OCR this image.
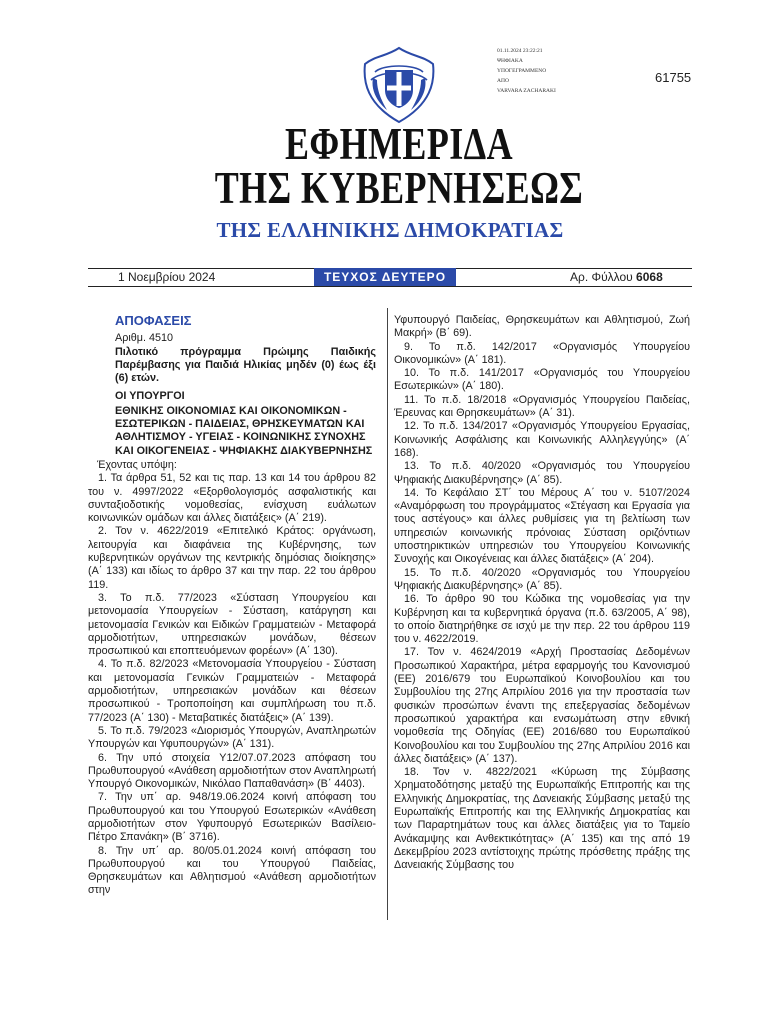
01.11.2024 23:22:21
ΨΗΦΙΑΚΑ
ΥΠΟΓΕΓΡΑΜΜΕΝΟ
ΑΠΟ
VARVARA ZACHARAKI
61755
ΕΦΗΜΕΡΙΔΑ
ΤΗΣ ΚΥΒΕΡΝΗΣΕΩΣ
ΤΗΣ ΕΛΛΗΝΙΚΗΣ ΔΗΜΟΚΡΑΤΙΑΣ
1 Νοεμβρίου 2024	ΤΕΥΧΟΣ ΔΕΥΤΕΡΟ	Αρ. Φύλλου 6068
ΑΠΟΦΑΣΕΙΣ
Αριθμ. 4510
Πιλοτικό πρόγραμμα Πρώιμης Παιδικής Παρέμβασης για Παιδιά Ηλικίας μηδέν (0) έως έξι (6) ετών.
ΟΙ ΥΠΟΥΡΓΟΙ
ΕΘΝΙΚΗΣ ΟΙΚΟΝΟΜΙΑΣ ΚΑΙ ΟΙΚΟΝΟΜΙΚΩΝ - ΕΣΩΤΕΡΙΚΩΝ - ΠΑΙΔΕΙΑΣ, ΘΡΗΣΚΕΥΜΑΤΩΝ ΚΑΙ ΑΘΛΗΤΙΣΜΟΥ - ΥΓΕΙΑΣ - ΚΟΙΝΩΝΙΚΗΣ ΣΥΝΟΧΗΣ ΚΑΙ ΟΙΚΟΓΕΝΕΙΑΣ - ΨΗΦΙΑΚΗΣ ΔΙΑΚΥΒΕΡΝΗΣΗΣ
Έχοντας υπόψη:

1. Τα άρθρα 51, 52 και τις παρ. 13 και 14 του άρθρου 82 του ν. 4997/2022 «Εξορθολογισμός ασφαλιστικής και συνταξιοδοτικής νομοθεσίας, ενίσχυση ευάλωτων κοινωνικών ομάδων και άλλες διατάξεις» (Α΄ 219).

2. Τον ν. 4622/2019 «Επιτελικό Κράτος: οργάνωση, λειτουργία και διαφάνεια της Κυβέρνησης, των κυβερνητικών οργάνων της κεντρικής δημόσιας διοίκησης» (Α΄ 133) και ιδίως το άρθρο 37 και την παρ. 22 του άρθρου 119.

3. Το π.δ. 77/2023 «Σύσταση Υπουργείου και μετονομασία Υπουργείων - Σύσταση, κατάργηση και μετονομασία Γενικών και Ειδικών Γραμματειών - Μεταφορά αρμοδιοτήτων, υπηρεσιακών μονάδων, θέσεων προσωπικού και εποπτευόμενων φορέων» (Α΄ 130).

4. Το π.δ. 82/2023 «Μετονομασία Υπουργείου - Σύσταση και μετονομασία Γενικών Γραμματειών - Μεταφορά αρμοδιοτήτων, υπηρεσιακών μονάδων και θέσεων προσωπικού - Τροποποίηση και συμπλήρωση του π.δ. 77/2023 (Α΄ 130) - Μεταβατικές διατάξεις» (Α΄ 139).

5. Το π.δ. 79/2023 «Διορισμός Υπουργών, Αναπληρωτών Υπουργών και Υφυπουργών» (Α΄ 131).

6. Την υπό στοιχεία Υ12/07.07.2023 απόφαση του Πρωθυπουργού «Ανάθεση αρμοδιοτήτων στον Αναπληρωτή Υπουργό Οικονομικών, Νικόλαο Παπαθανάση» (Β΄ 4403).

7. Την υπ΄ αρ. 948/19.06.2024 κοινή απόφαση του Πρωθυπουργού και του Υπουργού Εσωτερικών «Ανάθεση αρμοδιοτήτων στον Υφυπουργό Εσωτερικών Βασίλειο-Πέτρο Σπανάκη» (Β΄ 3716).

8. Την υπ΄ αρ. 80/05.01.2024 κοινή απόφαση του Πρωθυπουργού και του Υπουργού Παιδείας, Θρησκευμάτων και Αθλητισμού «Ανάθεση αρμοδιοτήτων στην

Υφυπουργό Παιδείας, Θρησκευμάτων και Αθλητισμού, Ζωή Μακρή» (Β΄ 69).

9. Το π.δ. 142/2017 «Οργανισμός Υπουργείου Οικονομικών» (Α΄ 181).

10. Το π.δ. 141/2017 «Οργανισμός του Υπουργείου Εσωτερικών» (Α΄ 180).

11. Το π.δ. 18/2018 «Οργανισμός Υπουργείου Παιδείας, Έρευνας και Θρησκευμάτων» (Α΄ 31).

12. Το π.δ. 134/2017 «Οργανισμός Υπουργείου Εργασίας, Κοινωνικής Ασφάλισης και Κοινωνικής Αλληλεγγύης» (Α΄ 168).

13. Το π.δ. 40/2020 «Οργανισμός του Υπουργείου Ψηφιακής Διακυβέρνησης» (Α΄ 85).

14. Το Κεφάλαιο ΣΤ΄ του Μέρους Α΄ του ν. 5107/2024 «Αναμόρφωση του προγράμματος «Στέγαση και Εργασία για τους αστέγους» και άλλες ρυθμίσεις για τη βελτίωση των υπηρεσιών κοινωνικής πρόνοιας Σύσταση οριζόντιων υποστηρικτικών υπηρεσιών του Υπουργείου Κοινωνικής Συνοχής και Οικογένειας και άλλες διατάξεις» (Α΄ 204).

15. Το π.δ. 40/2020 «Οργανισμός του Υπουργείου Ψηφιακής Διακυβέρνησης» (Α΄ 85).

16. Το άρθρο 90 του Κώδικα της νομοθεσίας για την Κυβέρνηση και τα κυβερνητικά όργανα (π.δ. 63/2005, Α΄ 98), το οποίο διατηρήθηκε σε ισχύ με την περ. 22 του άρθρου 119 του ν. 4622/2019.

17. Τον ν. 4624/2019 «Αρχή Προστασίας Δεδομένων Προσωπικού Χαρακτήρα, μέτρα εφαρμογής του Κανονισμού (ΕΕ) 2016/679 του Ευρωπαϊκού Κοινοβουλίου και του Συμβουλίου της 27ης Απριλίου 2016 για την προστασία των φυσικών προσώπων έναντι της επεξεργασίας δεδομένων προσωπικού χαρακτήρα και ενσωμάτωση στην εθνική νομοθεσία της Οδηγίας (ΕΕ) 2016/680 του Ευρωπαϊκού Κοινοβουλίου και του Συμβουλίου της 27ης Απριλίου 2016 και άλλες διατάξεις» (Α΄ 137).

18. Τον ν. 4822/2021 «Κύρωση της Σύμβασης Χρηματοδότησης μεταξύ της Ευρωπαϊκής Επιτροπής και της Ελληνικής Δημοκρατίας, της Δανειακής Σύμβασης μεταξύ της Ευρωπαϊκής Επιτροπής και της Ελληνικής Δημοκρατίας και των Παραρτημάτων τους και άλλες διατάξεις για το Ταμείο Ανάκαμψης και Ανθεκτικότητας» (Α΄ 135) και της από 19 Δεκεμβρίου 2023 αντίστοιχης πρώτης πρόσθετης πράξης της Δανειακής Σύμβασης του
